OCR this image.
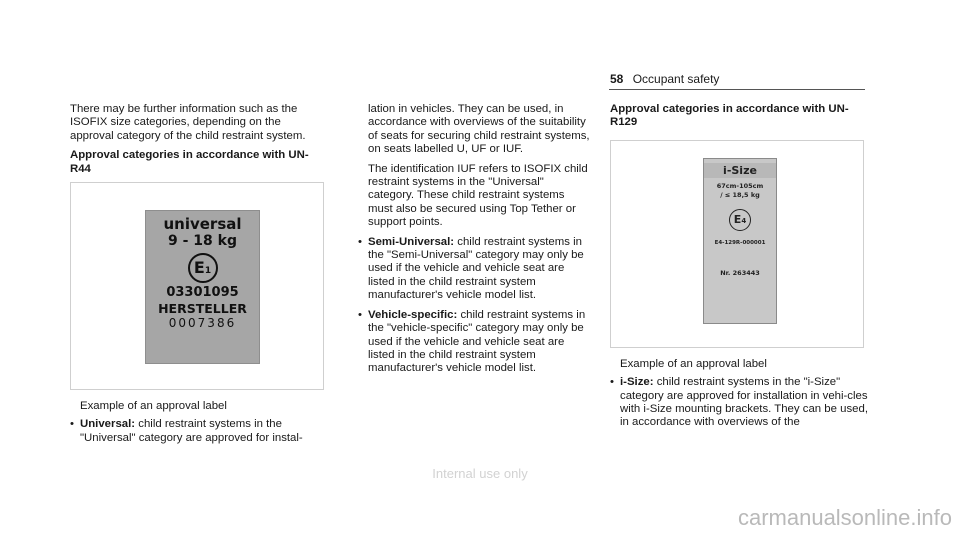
58 Occupant safety

There may be further information such as the ISOFIX size categories, depending on the approval category of the child restraint system.

Approval categories in accordance with UN-R44
universal
9 - 18 kg
E1
03301095
HERSTELLER
0007386
Example of an approval label
• Universal: child restraint systems in the "Universal" category are approved for instal-

lation in vehicles. They can be used, in accordance with overviews of the suitability of seats for securing child restraint systems, on seats labelled U, UF or IUF.

The identification IUF refers to ISOFIX child restraint systems in the "Universal" category. These child restraint systems must also be secured using Top Tether or support points.

• Semi-Universal: child restraint systems in the "Semi-Universal" category may only be used if the vehicle and vehicle seat are listed in the child restraint system manufacturer's vehicle model list.
• Vehicle-specific: child restraint systems in the "vehicle-specific" category may only be used if the vehicle and vehicle seat are listed in the child restraint system manufacturer's vehicle model list.
Approval categories in accordance with UN-R129
i-Size
67cm-105cm
/ ≤ 18,5 kg
E4
E4-129R-000001
Nr. 263443
Example of an approval label
• i-Size: child restraint systems in the "i-Size" category are approved for installation in vehi-cles with i-Size mounting brackets. They can be used, in accordance with overviews of the
Internal use only
carmanualsonline.info
